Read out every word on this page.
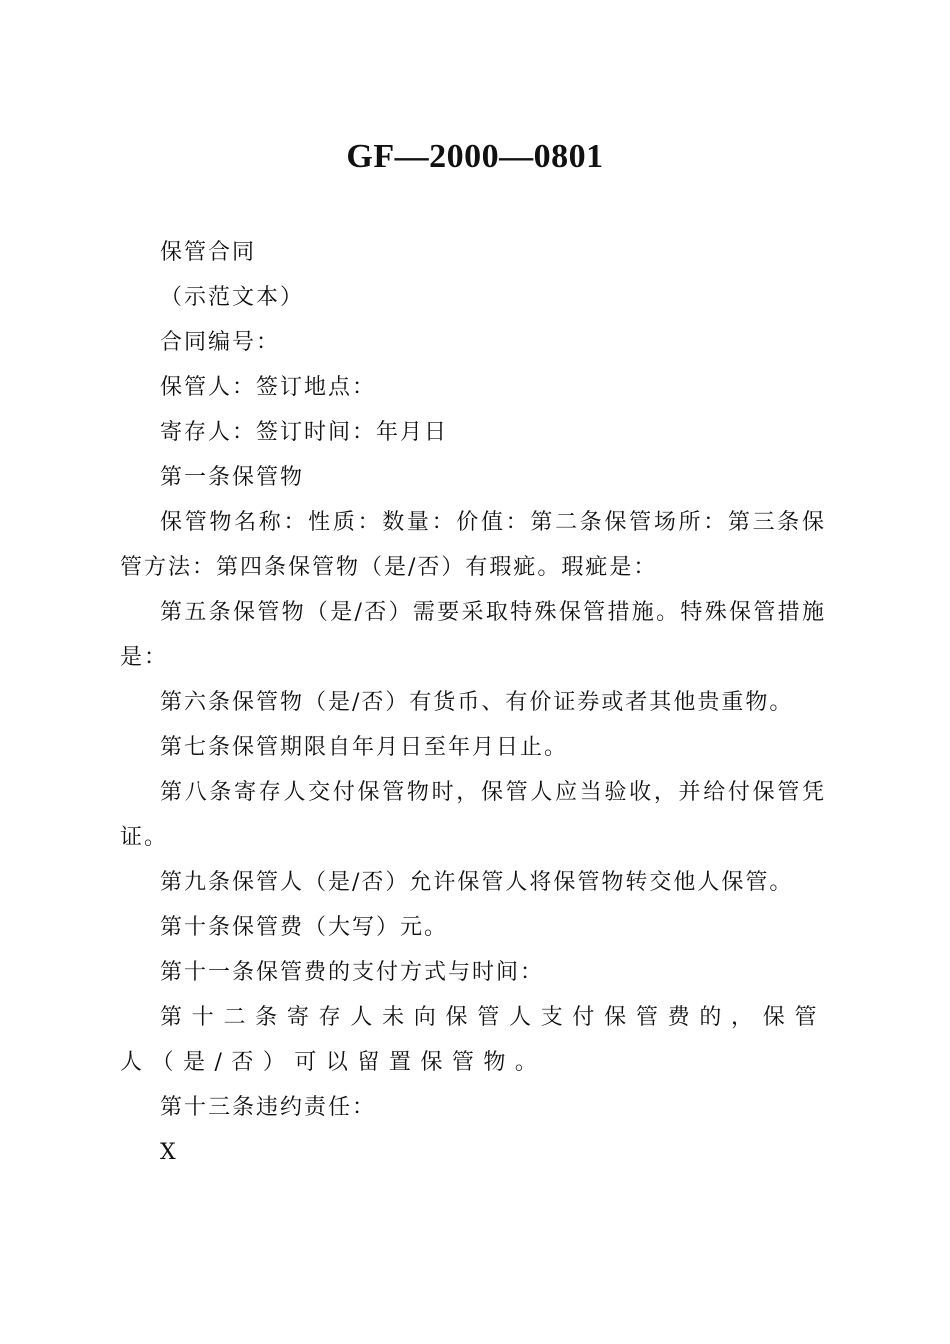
GF—2000—0801

保管合同

（示范文本）

合同编号：

保管人：签订地点：

寄存人：签订时间：年月日

第一条保管物

保管物名称：性质：数量：价值：第二条保管场所：第三条保管方法：第四条保管物（是/否）有瑕疵。瑕疵是：

第五条保管物（是/否）需要采取特殊保管措施。特殊保管措施是：

第六条保管物（是/否）有货币、有价证券或者其他贵重物。

第七条保管期限自年月日至年月日止。

第八条寄存人交付保管物时，保管人应当验收，并给付保管凭证。

第九条保管人（是/否）允许保管人将保管物转交他人保管。

第十条保管费（大写）元。

第十一条保管费的支付方式与时间：

第十二条寄存人未向保管人支付保管费的，保管人（是/否）可以留置保管物。

第十三条违约责任：

X
